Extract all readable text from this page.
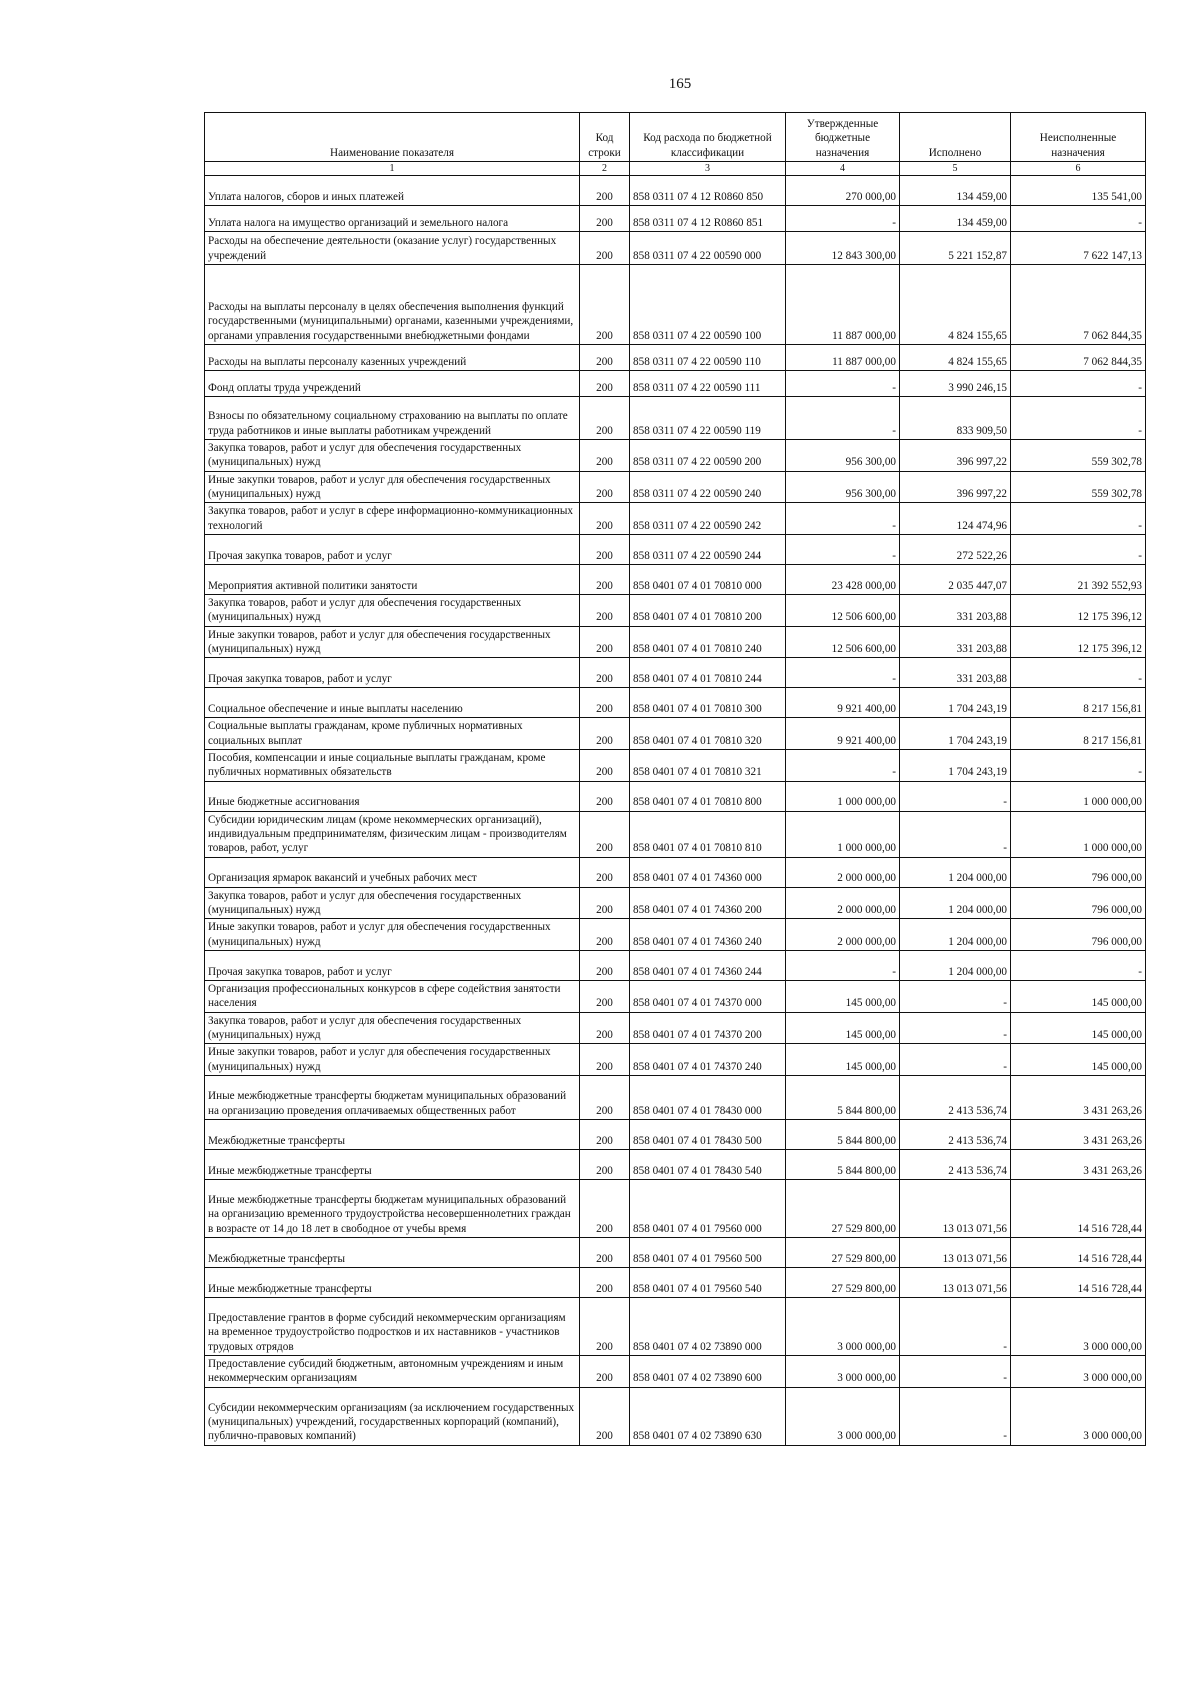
165
Наименование показателя	Код строки	Код расхода по бюджетной классификации	Утвержденные бюджетные назначения	Исполнено	Неисполненные назначения
1	2	3	4	5	6
Уплата налогов, сборов и иных платежей	200	858 0311 07 4 12 R0860 850	270 000,00	134 459,00	135 541,00
Уплата налога на имущество организаций и земельного налога	200	858 0311 07 4 12 R0860 851	-	134 459,00	-
Расходы на обеспечение деятельности (оказание услуг) государственных учреждений	200	858 0311 07 4 22 00590 000	12 843 300,00	5 221 152,87	7 622 147,13
Расходы на выплаты персоналу в целях обеспечения выполнения функций государственными (муниципальными) органами, казенными учреждениями, органами управления государственными внебюджетными фондами	200	858 0311 07 4 22 00590 100	11 887 000,00	4 824 155,65	7 062 844,35
Расходы на выплаты персоналу казенных учреждений	200	858 0311 07 4 22 00590 110	11 887 000,00	4 824 155,65	7 062 844,35
Фонд оплаты труда учреждений	200	858 0311 07 4 22 00590 111	-	3 990 246,15	-
Взносы по обязательному социальному страхованию на выплаты по оплате труда работников и иные выплаты работникам учреждений	200	858 0311 07 4 22 00590 119	-	833 909,50	-
Закупка товаров, работ и услуг для обеспечения государственных (муниципальных) нужд	200	858 0311 07 4 22 00590 200	956 300,00	396 997,22	559 302,78
Иные закупки товаров, работ и услуг для обеспечения государственных (муниципальных) нужд	200	858 0311 07 4 22 00590 240	956 300,00	396 997,22	559 302,78
Закупка товаров, работ и услуг в сфере информационно-коммуникационных технологий	200	858 0311 07 4 22 00590 242	-	124 474,96	-
Прочая закупка товаров, работ и услуг	200	858 0311 07 4 22 00590 244	-	272 522,26	-
Мероприятия активной политики занятости	200	858 0401 07 4 01 70810 000	23 428 000,00	2 035 447,07	21 392 552,93
Закупка товаров, работ и услуг для обеспечения государственных (муниципальных) нужд	200	858 0401 07 4 01 70810 200	12 506 600,00	331 203,88	12 175 396,12
Иные закупки товаров, работ и услуг для обеспечения государственных (муниципальных) нужд	200	858 0401 07 4 01 70810 240	12 506 600,00	331 203,88	12 175 396,12
Прочая закупка товаров, работ и услуг	200	858 0401 07 4 01 70810 244	-	331 203,88	-
Социальное обеспечение и иные выплаты населению	200	858 0401 07 4 01 70810 300	9 921 400,00	1 704 243,19	8 217 156,81
Социальные выплаты гражданам, кроме публичных нормативных социальных выплат	200	858 0401 07 4 01 70810 320	9 921 400,00	1 704 243,19	8 217 156,81
Пособия, компенсации и иные социальные выплаты гражданам, кроме публичных нормативных обязательств	200	858 0401 07 4 01 70810 321	-	1 704 243,19	-
Иные бюджетные ассигнования	200	858 0401 07 4 01 70810 800	1 000 000,00	-	1 000 000,00
Субсидии юридическим лицам (кроме некоммерческих организаций), индивидуальным предпринимателям, физическим лицам - производителям товаров, работ, услуг	200	858 0401 07 4 01 70810 810	1 000 000,00	-	1 000 000,00
Организация ярмарок вакансий и учебных рабочих мест	200	858 0401 07 4 01 74360 000	2 000 000,00	1 204 000,00	796 000,00
Закупка товаров, работ и услуг для обеспечения государственных (муниципальных) нужд	200	858 0401 07 4 01 74360 200	2 000 000,00	1 204 000,00	796 000,00
Иные закупки товаров, работ и услуг для обеспечения государственных (муниципальных) нужд	200	858 0401 07 4 01 74360 240	2 000 000,00	1 204 000,00	796 000,00
Прочая закупка товаров, работ и услуг	200	858 0401 07 4 01 74360 244	-	1 204 000,00	-
Организация профессиональных конкурсов в сфере содействия занятости населения	200	858 0401 07 4 01 74370 000	145 000,00	-	145 000,00
Закупка товаров, работ и услуг для обеспечения государственных (муниципальных) нужд	200	858 0401 07 4 01 74370 200	145 000,00	-	145 000,00
Иные закупки товаров, работ и услуг для обеспечения государственных (муниципальных) нужд	200	858 0401 07 4 01 74370 240	145 000,00	-	145 000,00
Иные межбюджетные трансферты бюджетам муниципальных образований на организацию проведения оплачиваемых общественных работ	200	858 0401 07 4 01 78430 000	5 844 800,00	2 413 536,74	3 431 263,26
Межбюджетные трансферты	200	858 0401 07 4 01 78430 500	5 844 800,00	2 413 536,74	3 431 263,26
Иные межбюджетные трансферты	200	858 0401 07 4 01 78430 540	5 844 800,00	2 413 536,74	3 431 263,26
Иные межбюджетные трансферты бюджетам муниципальных образований на организацию временного трудоустройства несовершеннолетних граждан в возрасте от 14 до 18 лет в свободное от учебы время	200	858 0401 07 4 01 79560 000	27 529 800,00	13 013 071,56	14 516 728,44
Межбюджетные трансферты	200	858 0401 07 4 01 79560 500	27 529 800,00	13 013 071,56	14 516 728,44
Иные межбюджетные трансферты	200	858 0401 07 4 01 79560 540	27 529 800,00	13 013 071,56	14 516 728,44
Предоставление грантов в форме субсидий некоммерческим организациям на временное трудоустройство подростков и их наставников - участников трудовых отрядов	200	858 0401 07 4 02 73890 000	3 000 000,00	-	3 000 000,00
Предоставление субсидий бюджетным, автономным учреждениям и иным некоммерческим организациям	200	858 0401 07 4 02 73890 600	3 000 000,00	-	3 000 000,00
Субсидии некоммерческим организациям (за исключением государственных (муниципальных) учреждений, государственных корпораций (компаний), публично-правовых компаний)	200	858 0401 07 4 02 73890 630	3 000 000,00	-	3 000 000,00
